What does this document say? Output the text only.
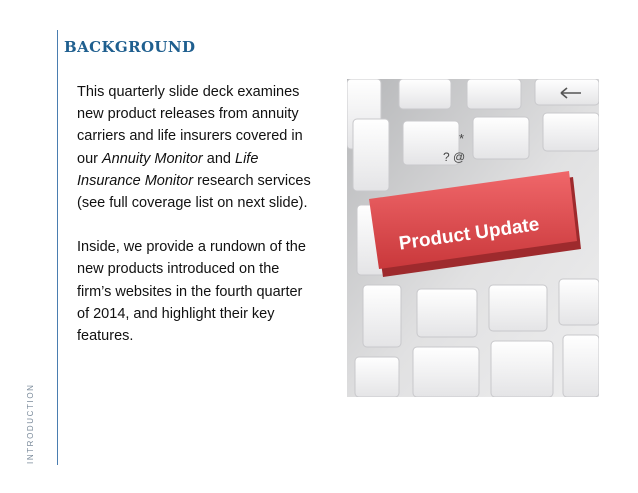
INTRODUCTION
BACKGROUND

This quarterly slide deck examines new product releases from annuity carriers and life insurers covered in our Annuity Monitor and Life Insurance Monitor research services (see full coverage list on next slide).

Inside, we provide a rundown of the new products introduced on the firm’s websites in the fourth quarter of 2014, and highlight their key features.

*
? @
Product Update
